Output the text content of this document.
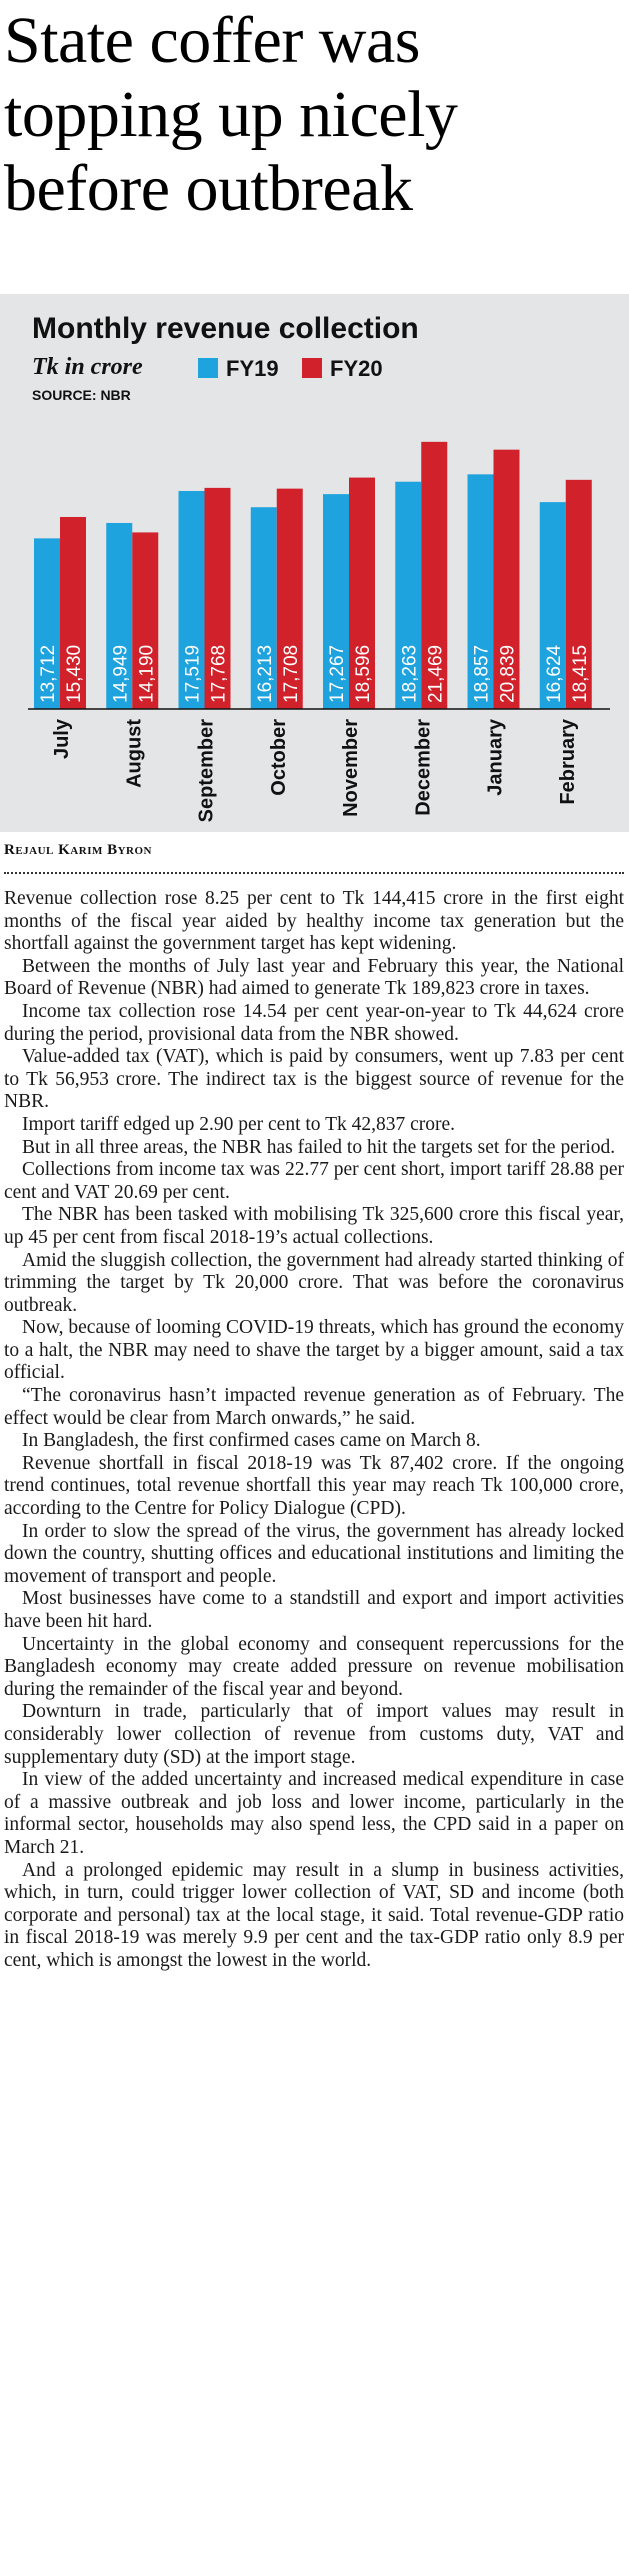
State coffer was topping up nicely before outbreak
Monthly revenue collection
Tk in crore
SOURCE: NBR
FY19 FY20
13,712 15,430 14,949 14,190 17,519 17,768 16,213 17,708 17,267 18,596 18,263 21,469 18,857 20,839 16,624 18,415
July	August	September	October	November	December	January	February
Rejaul Karim Byron

Revenue collection rose 8.25 per cent to Tk 144,415 crore in the first eight months of the fiscal year aided by healthy income tax generation but the shortfall against the government target has kept widening.

Between the months of July last year and February this year, the National Board of Revenue (NBR) had aimed to generate Tk 189,823 crore in taxes.

Income tax collection rose 14.54 per cent year-on-year to Tk 44,624 crore during the period, provisional data from the NBR showed.

Value-added tax (VAT), which is paid by consumers, went up 7.83 per cent to Tk 56,953 crore. The indirect tax is the biggest source of revenue for the NBR.

Import tariff edged up 2.90 per cent to Tk 42,837 crore.

But in all three areas, the NBR has failed to hit the targets set for the period.

Collections from income tax was 22.77 per cent short, import tariff 28.88 per cent and VAT 20.69 per cent.

The NBR has been tasked with mobilising Tk 325,600 crore this fiscal year, up 45 per cent from fiscal 2018-19’s actual collections.

Amid the sluggish collection, the government had already started thinking of trimming the target by Tk 20,000 crore. That was before the coronavirus outbreak.

Now, because of looming COVID-19 threats, which has ground the economy to a halt, the NBR may need to shave the target by a bigger amount, said a tax official.

“The coronavirus hasn’t impacted revenue generation as of February. The effect would be clear from March onwards,” he said.

In Bangladesh, the first confirmed cases came on March 8.

Revenue shortfall in fiscal 2018-19 was Tk 87,402 crore. If the ongoing trend continues, total revenue shortfall this year may reach Tk 100,000 crore, according to the Centre for Policy Dialogue (CPD).

In order to slow the spread of the virus, the government has already locked down the country, shutting offices and educational institutions and limiting the movement of transport and people.

Most businesses have come to a standstill and export and import activities have been hit hard.

Uncertainty in the global economy and consequent repercussions for the Bangladesh economy may create added pressure on revenue mobilisation during the remainder of the fiscal year and beyond.

Downturn in trade, particularly that of import values may result in considerably lower collection of revenue from customs duty, VAT and supplementary duty (SD) at the import stage.

In view of the added uncertainty and increased medical expenditure in case of a massive outbreak and job loss and lower income, particularly in the informal sector, households may also spend less, the CPD said in a paper on March 21.

And a prolonged epidemic may result in a slump in business activities, which, in turn, could trigger lower collection of VAT, SD and income (both corporate and personal) tax at the local stage, it said. Total revenue-GDP ratio in fiscal 2018-19 was merely 9.9 per cent and the tax-GDP ratio only 8.9 per cent, which is amongst the lowest in the world.
